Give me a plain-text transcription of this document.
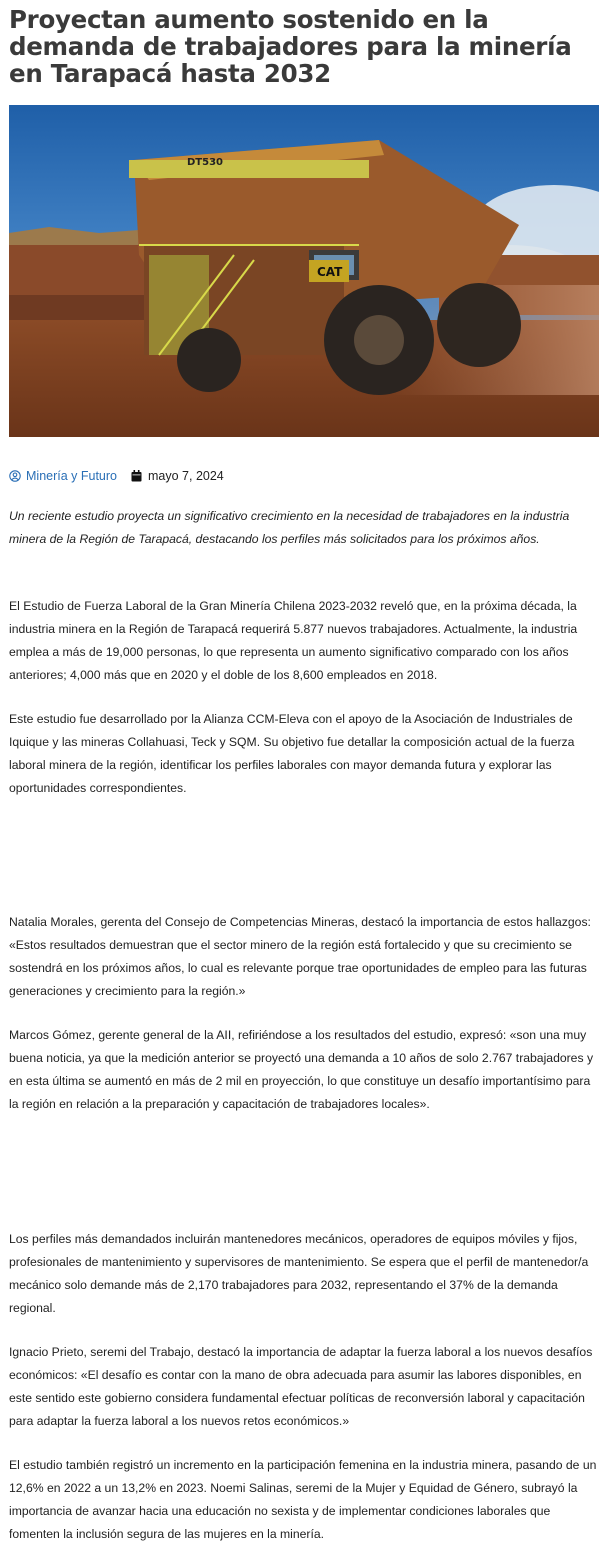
Proyectan aumento sostenido en la demanda de trabajadores para la minería en Tarapacá hasta 2032
DT530
CAT
Minería y Futuro mayo 7, 2024

Un reciente estudio proyecta un significativo crecimiento en la necesidad de trabajadores en la industria minera de la Región de Tarapacá, destacando los perfiles más solicitados para los próximos años.

El Estudio de Fuerza Laboral de la Gran Minería Chilena 2023-2032 reveló que, en la próxima década, la industria minera en la Región de Tarapacá requerirá 5.877 nuevos trabajadores. Actualmente, la industria emplea a más de 19,000 personas, lo que representa un aumento significativo comparado con los años anteriores; 4,000 más que en 2020 y el doble de los 8,600 empleados en 2018.

Este estudio fue desarrollado por la Alianza CCM-Eleva con el apoyo de la Asociación de Industriales de Iquique y las mineras Collahuasi, Teck y SQM. Su objetivo fue detallar la composición actual de la fuerza laboral minera de la región, identificar los perfiles laborales con mayor demanda futura y explorar las oportunidades correspondientes.

Natalia Morales, gerenta del Consejo de Competencias Mineras, destacó la importancia de estos hallazgos: «Estos resultados demuestran que el sector minero de la región está fortalecido y que su crecimiento se sostendrá en los próximos años, lo cual es relevante porque trae oportunidades de empleo para las futuras generaciones y crecimiento para la región.»

Marcos Gómez, gerente general de la AII, refiriéndose a los resultados del estudio, expresó: «son una muy buena noticia, ya que la medición anterior se proyectó una demanda a 10 años de solo 2.767 trabajadores y en esta última se aumentó en más de 2 mil en proyección, lo que constituye un desafío importantísimo para la región en relación a la preparación y capacitación de trabajadores locales».

Los perfiles más demandados incluirán mantenedores mecánicos, operadores de equipos móviles y fijos, profesionales de mantenimiento y supervisores de mantenimiento. Se espera que el perfil de mantenedor/a mecánico solo demande más de 2,170 trabajadores para 2032, representando el 37% de la demanda regional.

Ignacio Prieto, seremi del Trabajo, destacó la importancia de adaptar la fuerza laboral a los nuevos desafíos económicos: «El desafío es contar con la mano de obra adecuada para asumir las labores disponibles, en este sentido este gobierno considera fundamental efectuar políticas de reconversión laboral y capacitación para adaptar la fuerza laboral a los nuevos retos económicos.»

El estudio también registró un incremento en la participación femenina en la industria minera, pasando de un 12,6% en 2022 a un 13,2% en 2023. Noemi Salinas, seremi de la Mujer y Equidad de Género, subrayó la importancia de avanzar hacia una educación no sexista y de implementar condiciones laborales que fomenten la inclusión segura de las mujeres en la minería.
